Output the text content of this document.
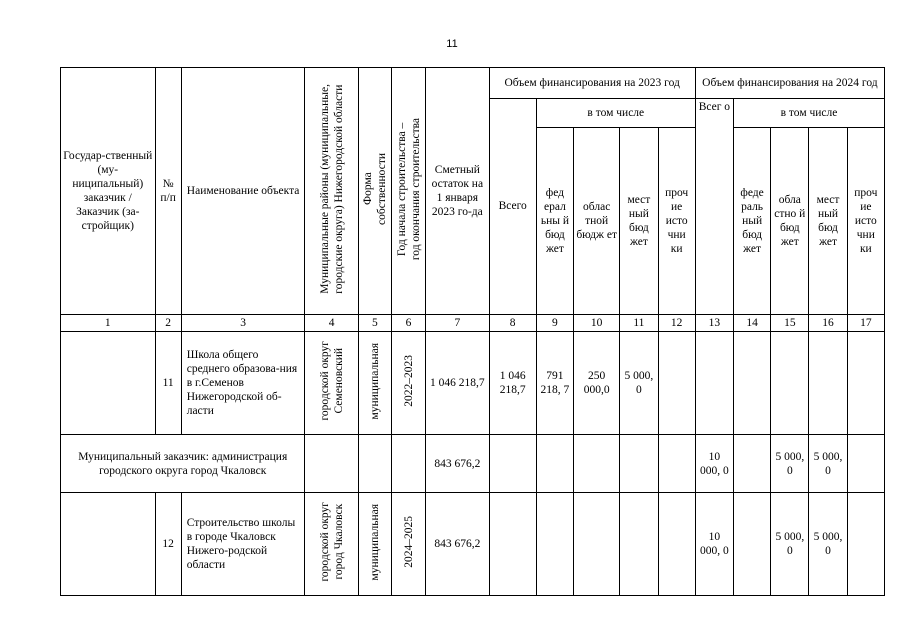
11
Государ-ственный (му-ниципальный) заказчик / Заказчик (за-стройщик)	№ п/п	Наименование объекта	Муниципальные районы (муниципальные, городские округа) Нижегородской области	Форма собственности	Год начала строительства – год окончания строительства	Сметный остаток на 1 января 2023 го-да	Объем финансирования на 2023 год					Объем финансирования на 2024 год				
							Всего	в том числе				Всег о	в том числе			
								фед ерал ьны й бюд жет	облас тной бюдж ет	мест ный бюд жет	проч ие исто чни ки		феде раль ный бюд жет	обла стно й бюд жет	мест ный бюд жет	проч ие исто чни ки
1	2	3	4	5	6	7	8	9	10	11	12	13	14	15	16	17
	11	Школа общего среднего образова-ния в г.Семенов Нижегородской об-ласти	городской округ Семеновский	муниципальная	2022–2023	1 046 218,7	1 046 218,7	791 218, 7	250 000,0	5 000, 0						
Муниципальный заказчик: администрация городского округа город Чкаловск						843 676,2						10 000, 0		5 000, 0	5 000, 0	
	12	Строительство школы в городе Чкаловск Нижего-родской области	городской округ город Чкаловск	муниципальная	2024–2025	843 676,2						10 000, 0		5 000, 0	5 000, 0	
